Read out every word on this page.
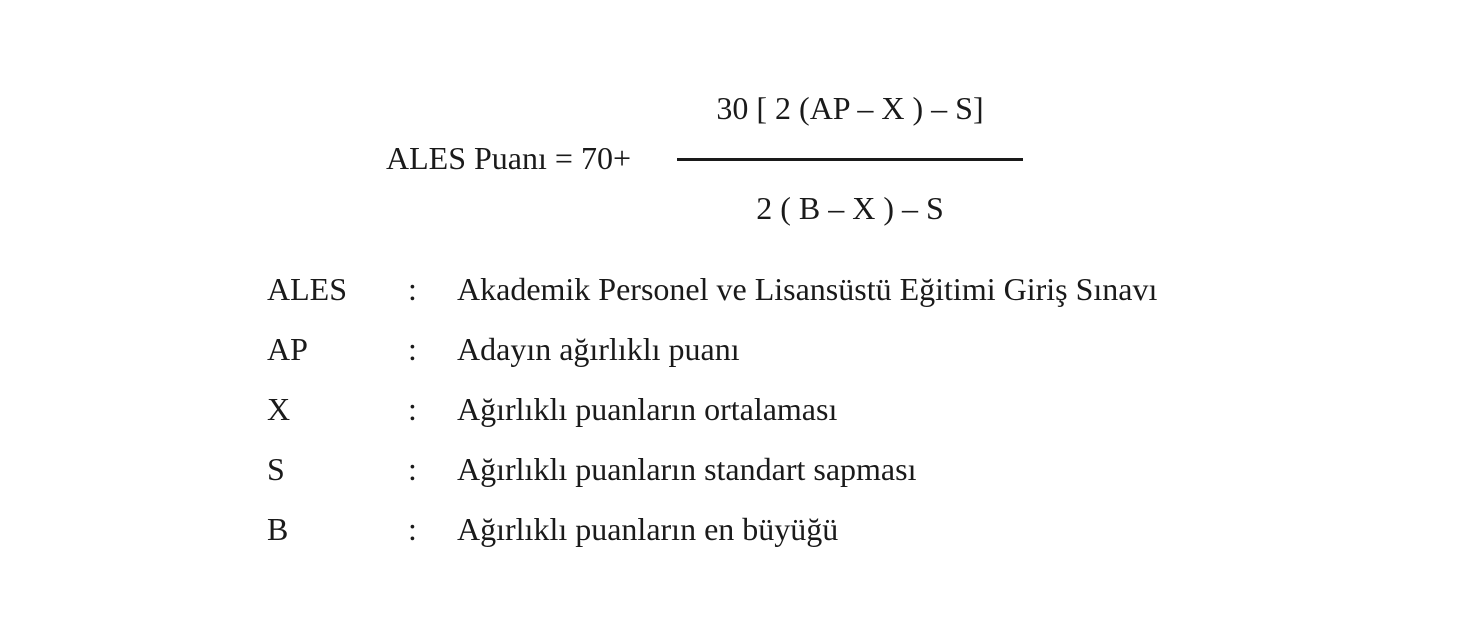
ALES Puanı = 70+
30 [ 2 (AP – X ) – S]
2 ( B – X ) – S
ALES : Akademik Personel ve Lisansüstü Eğitimi Giriş Sınavı
AP	: Adayın ağırlıklı puanı
X	: Ağırlıklı puanların ortalaması
S	: Ağırlıklı puanların standart sapması
B	: Ağırlıklı puanların en büyüğü
